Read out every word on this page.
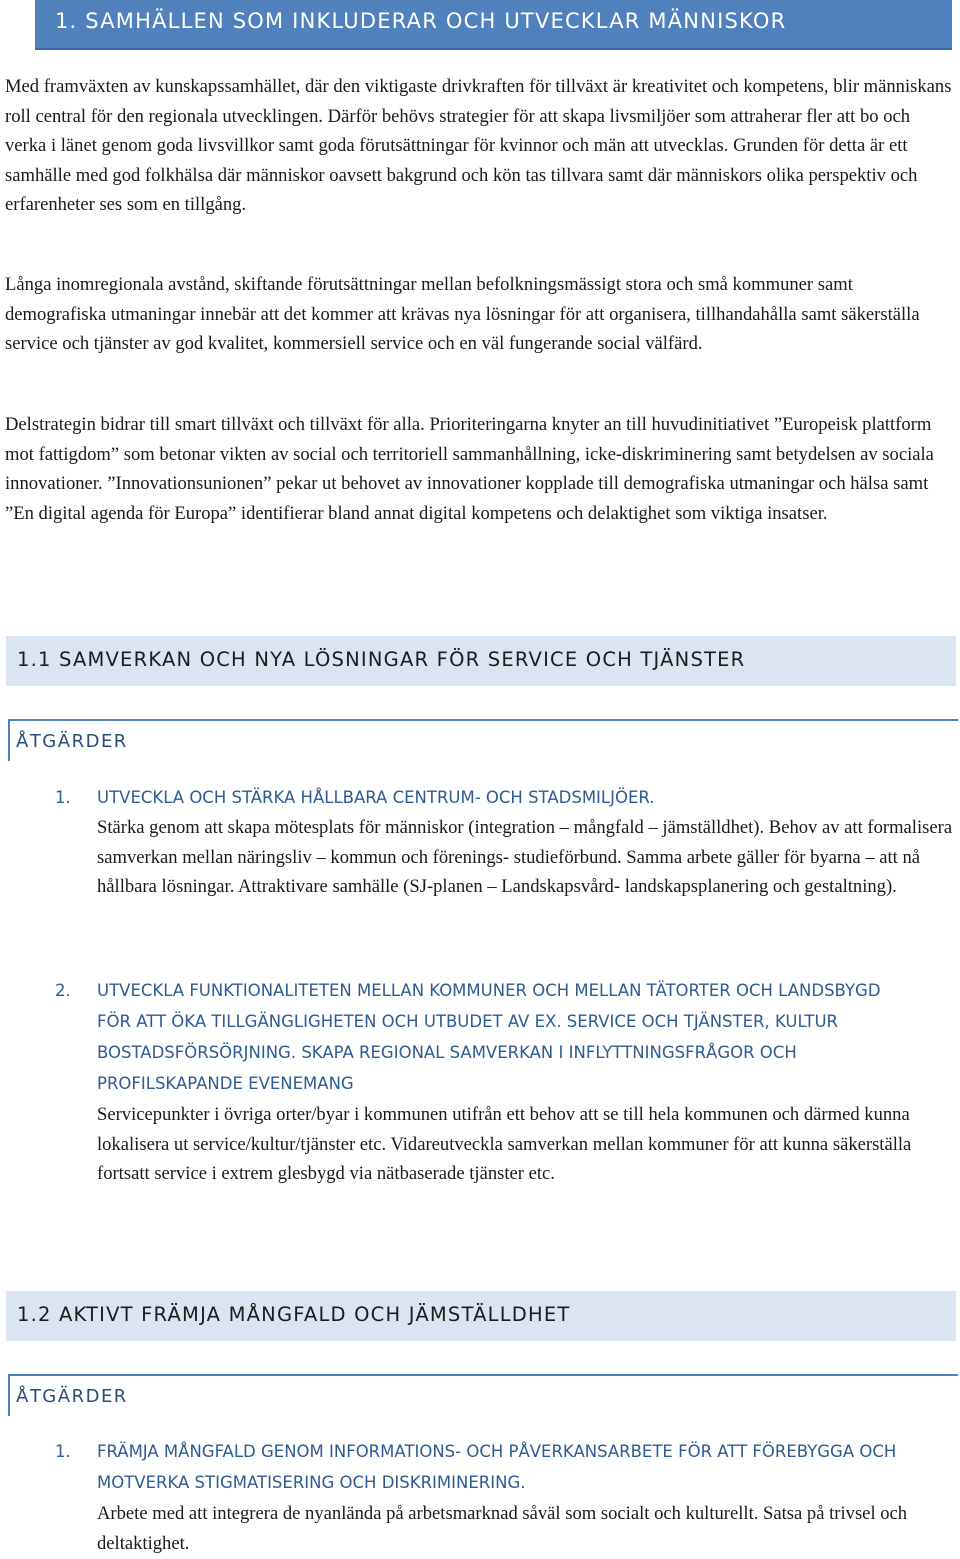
1. SAMHÄLLEN SOM INKLUDERAR OCH UTVECKLAR MÄNNISKOR

Med framväxten av kunskapssamhället, där den viktigaste drivkraften för tillväxt är kreativitet och kompetens, blir människans roll central för den regionala utvecklingen. Därför behövs strategier för att skapa livsmiljöer som attraherar fler att bo och verka i länet genom goda livsvillkor samt goda förutsättningar för kvinnor och män att utvecklas. Grunden för detta är ett samhälle med god folkhälsa där människor oavsett bakgrund och kön tas tillvara samt där människors olika perspektiv och erfarenheter ses som en tillgång.

Långa inomregionala avstånd, skiftande förutsättningar mellan befolkningsmässigt stora och små kommuner samt demografiska utmaningar innebär att det kommer att krävas nya lösningar för att organisera, tillhandahålla samt säkerställa service och tjänster av god kvalitet, kommersiell service och en väl fungerande social välfärd.

Delstrategin bidrar till smart tillväxt och tillväxt för alla. Prioriteringarna knyter an till huvudinitiativet ”Europeisk plattform mot fattigdom” som betonar vikten av social och territoriell sammanhållning, icke-diskriminering samt betydelsen av sociala innovationer. ”Innovationsunionen” pekar ut behovet av innovationer kopplade till demografiska utmaningar och hälsa samt ”En digital agenda för Europa” identifierar bland annat digital kompetens och delaktighet som viktiga insatser.

1.1 SAMVERKAN OCH NYA LÖSNINGAR FÖR SERVICE OCH TJÄNSTER
ÅTGÄRDER
1. UTVECKLA OCH STÄRKA HÅLLBARA CENTRUM- OCH STADSMILJÖER.

Stärka genom att skapa mötesplats för människor (integration – mångfald – jämställdhet). Behov av att formalisera samverkan mellan näringsliv – kommun och förenings- studieförbund. Samma arbete gäller för byarna – att nå hållbara lösningar. Attraktivare samhälle (SJ-planen – Landskapsvård- landskapsplanering och gestaltning).

2. UTVECKLA FUNKTIONALITETEN MELLAN KOMMUNER OCH MELLAN TÄTORTER OCH LANDSBYGD FÖR ATT ÖKA TILLGÄNGLIGHETEN OCH UTBUDET AV EX. SERVICE OCH TJÄNSTER, KULTUR BOSTADSFÖRSÖRJNING. SKAPA REGIONAL SAMVERKAN I INFLYTTNINGSFRÅGOR OCH PROFILSKAPANDE EVENEMANG

Servicepunkter i övriga orter/byar i kommunen utifrån ett behov att se till hela kommunen och därmed kunna lokalisera ut service/kultur/tjänster etc. Vidareutveckla samverkan mellan kommuner för att kunna säkerställa fortsatt service i extrem glesbygd via nätbaserade tjänster etc.

1.2 AKTIVT FRÄMJA MÅNGFALD OCH JÄMSTÄLLDHET
ÅTGÄRDER
1. FRÄMJA MÅNGFALD GENOM INFORMATIONS- OCH PÅVERKANSARBETE FÖR ATT FÖREBYGGA OCH MOTVERKA STIGMATISERING OCH DISKRIMINERING.

Arbete med att integrera de nyanlända på arbetsmarknad såväl som socialt och kulturellt. Satsa på trivsel och deltaktighet.
